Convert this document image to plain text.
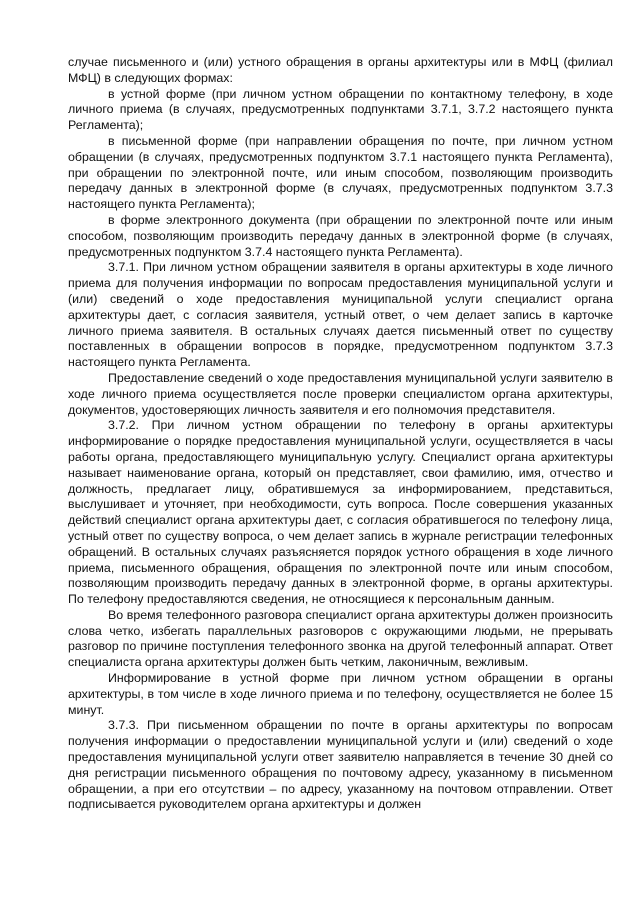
случае письменного и (или) устного обращения в органы архитектуры или в МФЦ (филиал МФЦ) в следующих формах:

в устной форме (при личном устном обращении по контактному телефону, в ходе личного приема (в случаях, предусмотренных подпунктами 3.7.1, 3.7.2 настоящего пункта Регламента);

в письменной форме (при направлении обращения по почте, при личном устном обращении (в случаях, предусмотренных подпунктом 3.7.1 настоящего пункта Регламента), при обращении по электронной почте, или иным способом, позволяющим производить передачу данных в электронной форме (в случаях, предусмотренных подпунктом 3.7.3 настоящего пункта Регламента);

в форме электронного документа (при обращении по электронной почте или иным способом, позволяющим производить передачу данных в электронной форме (в случаях, предусмотренных подпунктом 3.7.4 настоящего пункта Регламента).

3.7.1. При личном устном обращении заявителя в органы архитектуры в ходе личного приема для получения информации по вопросам предоставления муниципальной услуги и (или) сведений о ходе предоставления муниципальной услуги специалист органа архитектуры дает, с согласия заявителя, устный ответ, о чем делает запись в карточке личного приема заявителя. В остальных случаях дается письменный ответ по существу поставленных в обращении вопросов в порядке, предусмотренном подпунктом 3.7.3 настоящего пункта Регламента.

Предоставление сведений о ходе предоставления муниципальной услуги заявителю в ходе личного приема осуществляется после проверки специалистом органа архитектуры, документов, удостоверяющих личность заявителя и его полномочия представителя.

3.7.2. При личном устном обращении по телефону в органы архитектуры информирование о порядке предоставления муниципальной услуги, осуществляется в часы работы органа, предоставляющего муниципальную услугу. Специалист органа архитектуры называет наименование органа, который он представляет, свои фамилию, имя, отчество и должность, предлагает лицу, обратившемуся за информированием, представиться, выслушивает и уточняет, при необходимости, суть вопроса. После совершения указанных действий специалист органа архитектуры дает, с согласия обратившегося по телефону лица, устный ответ по существу вопроса, о чем делает запись в журнале регистрации телефонных обращений. В остальных случаях разъясняется порядок устного обращения в ходе личного приема, письменного обращения, обращения по электронной почте или иным способом, позволяющим производить передачу данных в электронной форме, в органы архитектуры. По телефону предоставляются сведения, не относящиеся к персональным данным.

Во время телефонного разговора специалист органа архитектуры должен произносить слова четко, избегать параллельных разговоров с окружающими людьми, не прерывать разговор по причине поступления телефонного звонка на другой телефонный аппарат. Ответ специалиста органа архитектуры должен быть четким, лаконичным, вежливым.

Информирование в устной форме при личном устном обращении в органы архитектуры, в том числе в ходе личного приема и по телефону, осуществляется не более 15 минут.

3.7.3. При письменном обращении по почте в органы архитектуры по вопросам получения информации о предоставлении муниципальной услуги и (или) сведений о ходе предоставления муниципальной услуги ответ заявителю направляется в течение 30 дней со дня регистрации письменного обращения по почтовому адресу, указанному в письменном обращении, а при его отсутствии – по адресу, указанному на почтовом отправлении. Ответ подписывается руководителем органа архитектуры и должен
